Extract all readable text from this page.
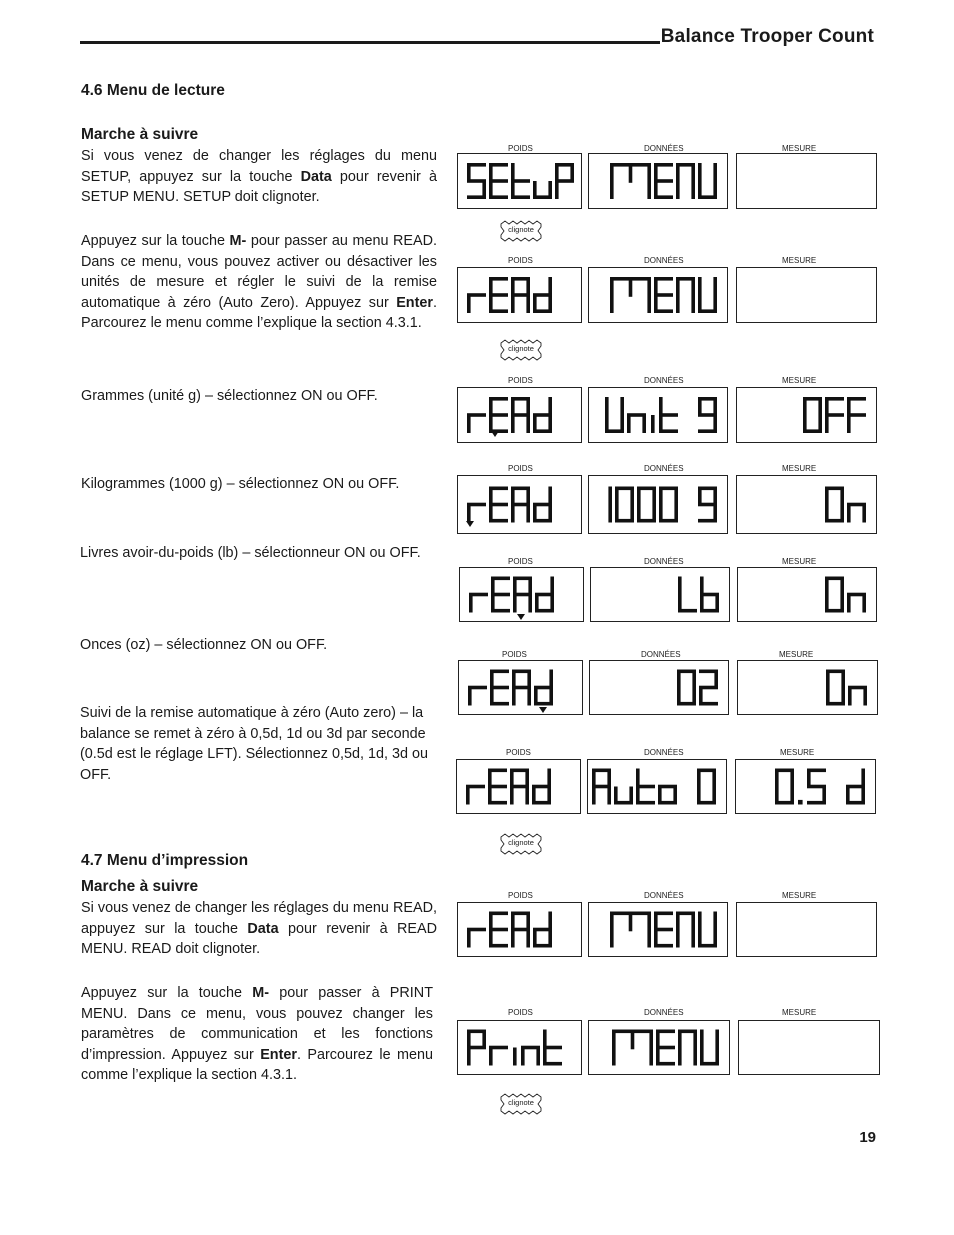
Balance Trooper Count
4.6 Menu de lecture
Marche à suivre
Si vous venez de changer les réglages du menu SETUP, appuyez sur la touche Data pour revenir à SETUP MENU. SETUP doit clignoter.
Appuyez sur la touche M- pour passer au menu READ. Dans ce menu, vous pouvez activer ou désactiver les unités de mesure et régler le suivi de la remise automatique à zéro (Auto Zero). Appuyez sur Enter. Parcourez le menu comme l’explique la section 4.3.1.
Grammes (unité g) – sélectionnez ON ou OFF.
Kilogrammes (1000 g) – sélectionnez ON ou OFF.
Livres avoir-du-poids (lb) – sélectionneur ON ou OFF.
Onces (oz) – sélectionnez ON ou OFF.
Suivi de la remise automatique à zéro (Auto zero) – la balance se remet à zéro à 0,5d, 1d ou 3d par seconde (0.5d est le réglage LFT). Sélectionnez 0,5d, 1d, 3d ou OFF.
4.7 Menu d’impression
Marche à suivre
Si vous venez de changer les réglages du menu READ, appuyez sur la touche Data pour revenir à READ MENU. READ doit clignoter.
Appuyez sur la touche M- pour passer à PRINT MENU. Dans ce menu, vous pouvez changer les paramètres de communication et les fonctions d’impression. Appuyez sur Enter. Parcourez le menu comme l’explique la section 4.3.1.
19
POIDS	DONNÉES	MESURE
clignote
POIDS	DONNÉES	MESURE
clignote
POIDS	DONNÉES	MESURE
POIDS	DONNÉES	MESURE
POIDS	DONNÉES	MESURE
POIDS	DONNÉES	MESURE
POIDS	DONNÉES	MESURE
clignote
POIDS	DONNÉES	MESURE
POIDS	DONNÉES	MESURE
clignote
